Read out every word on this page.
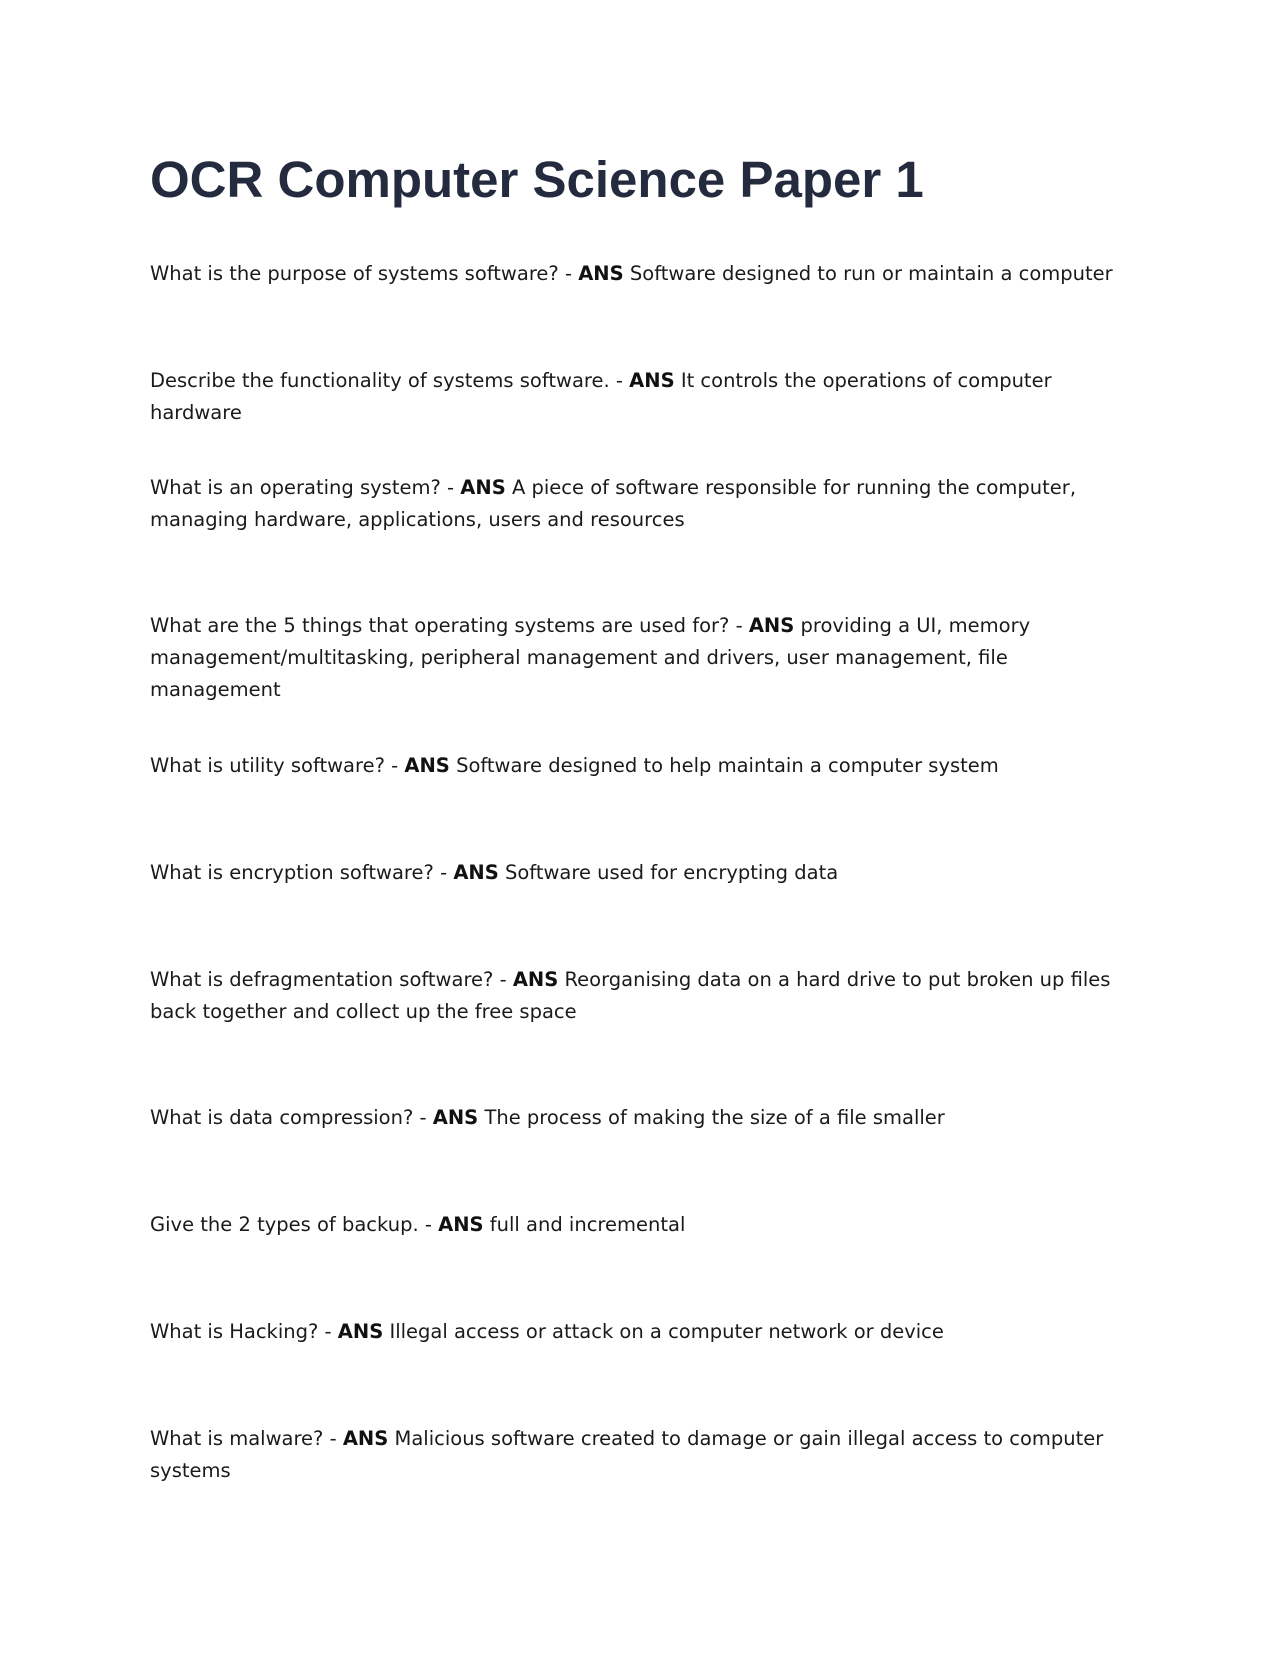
OCR Computer Science Paper 1

What is the purpose of systems software? - ANS Software designed to run or maintain a computer

Describe the functionality of systems software. - ANS It controls the operations of computer hardware

What is an operating system? - ANS A piece of software responsible for running the computer, managing hardware, applications, users and resources

What are the 5 things that operating systems are used for? - ANS providing a UI, memory management/multitasking, peripheral management and drivers, user management, file management

What is utility software? - ANS Software designed to help maintain a computer system

What is encryption software? - ANS Software used for encrypting data

What is defragmentation software? - ANS Reorganising data on a hard drive to put broken up files back together and collect up the free space

What is data compression? - ANS The process of making the size of a file smaller

Give the 2 types of backup. - ANS full and incremental

What is Hacking? - ANS Illegal access or attack on a computer network or device

What is malware? - ANS Malicious software created to damage or gain illegal access to computer systems
